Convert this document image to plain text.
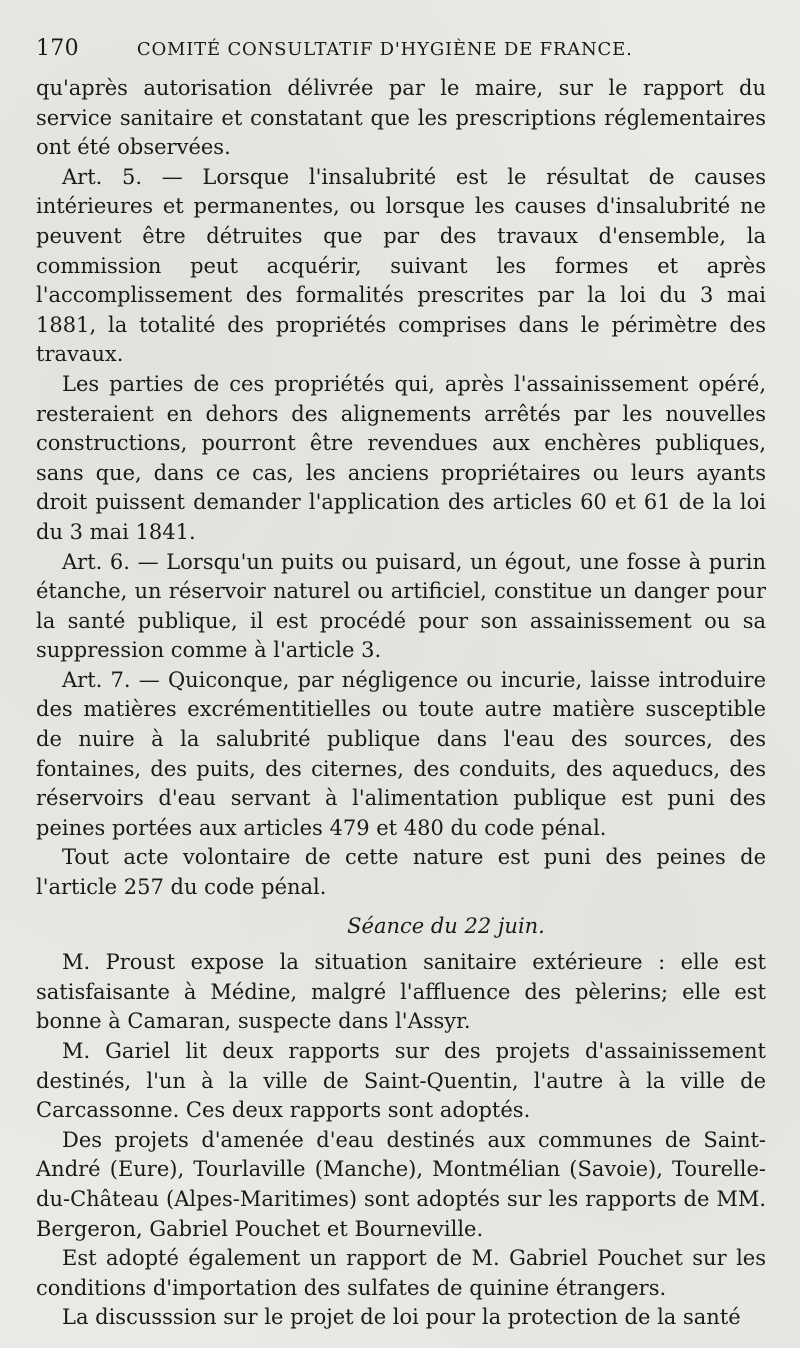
170	COMITÉ CONSULTATIF D'HYGIÈNE DE FRANCE.

qu'après autorisation délivrée par le maire, sur le rapport du service sanitaire et constatant que les prescriptions réglementaires ont été observées.

Art. 5. — Lorsque l'insalubrité est le résultat de causes intérieures et permanentes, ou lorsque les causes d'insalubrité ne peuvent être détruites que par des travaux d'ensemble, la commission peut acquérir, suivant les formes et après l'accomplissement des formalités prescrites par la loi du 3 mai 1881, la totalité des propriétés comprises dans le périmètre des travaux.

Les parties de ces propriétés qui, après l'assainissement opéré, resteraient en dehors des alignements arrêtés par les nouvelles constructions, pourront être revendues aux enchères publiques, sans que, dans ce cas, les anciens propriétaires ou leurs ayants droit puissent demander l'application des articles 60 et 61 de la loi du 3 mai 1841.

Art. 6. — Lorsqu'un puits ou puisard, un égout, une fosse à purin étanche, un réservoir naturel ou artificiel, constitue un danger pour la santé publique, il est procédé pour son assainissement ou sa suppression comme à l'article 3.

Art. 7. — Quiconque, par négligence ou incurie, laisse introduire des matières excrémentitielles ou toute autre matière susceptible de nuire à la salubrité publique dans l'eau des sources, des fontaines, des puits, des citernes, des conduits, des aqueducs, des réservoirs d'eau servant à l'alimentation publique est puni des peines portées aux articles 479 et 480 du code pénal.

Tout acte volontaire de cette nature est puni des peines de l'article 257 du code pénal.

Séance du 22 juin.

M. Proust expose la situation sanitaire extérieure : elle est satisfaisante à Médine, malgré l'affluence des pèlerins; elle est bonne à Camaran, suspecte dans l'Assyr.

M. Gariel lit deux rapports sur des projets d'assainissement destinés, l'un à la ville de Saint-Quentin, l'autre à la ville de Carcassonne. Ces deux rapports sont adoptés.

Des projets d'amenée d'eau destinés aux communes de Saint-André (Eure), Tourlaville (Manche), Montmélian (Savoie), Tourelle-du-Château (Alpes-Maritimes) sont adoptés sur les rapports de MM. Bergeron, Gabriel Pouchet et Bourneville.

Est adopté également un rapport de M. Gabriel Pouchet sur les conditions d'importation des sulfates de quinine étrangers.

La discusssion sur le projet de loi pour la protection de la santé
